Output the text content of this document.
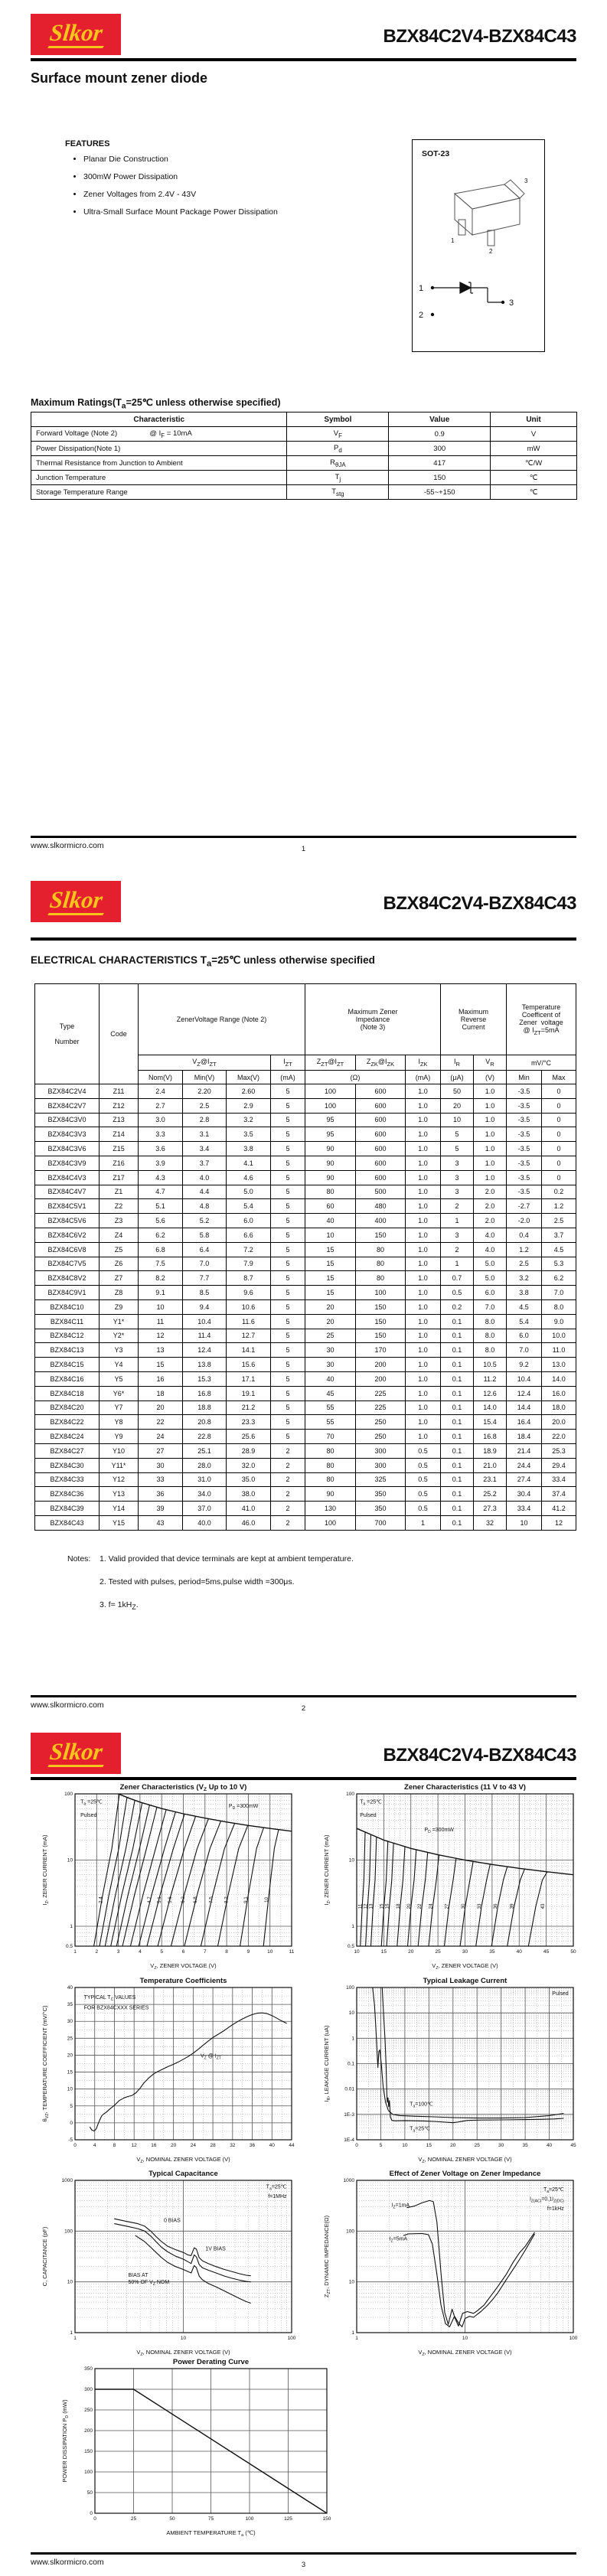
Slkor	BZX84C2V4-BZX84C43
Surface mount zener diode
FEATURES
• Planar Die Construction
• 300mW Power Dissipation
• Zener Voltages from 2.4V - 43V
• Ultra-Small Surface Mount Package Power Dissipation
SOT-23
1
2
3
1
2
3
Maximum $Ratings(T_a=25℃$ unless otherwise specified)
Characteristic	Symbol	Value	Unit
Forward Voltage (Note 2)                @ $I_F = 10mA$	$V_F$	0.9	V
Power Dissipation(Note 1)	$P_d$	300	mW
Thermal Resistance from Junction to Ambient	$R_{\theta JA}$	417	℃/W
Junction Temperature	$T_j$	150	℃
Storage Temperature Range	$T_{stg}$	-55~+150	℃
www.slkormicro.com	1
Slkor	BZX84C2V4-BZX84C43
ELECTRICAL CHARACTERISTICS $T_a=25℃$ unless otherwise specified
Type

Number	Code	ZenerVoltage Range (Note 2)				Maximum Zener
Impedance
(Note 3)			Maximum
Reverse
Current		Temperature
Coefficent of
Zener  voltage
@ $I_{ZT}=5mA$	
		$V_Z@I_{ZT}$			$I_{ZT}$	$Z_{ZT}@I_{ZT}$	$Z_{ZK}@I_{ZK}$	$I_{ZK}$	$I_R$	$V_R$	mV/°C	
		Nom(V)	Min(V)	Max(V)	(mA)	(Ω)		(mA)	(μA)	(V)	Min	Max
BZX84C2V4	Z11	2.4	2.20	2.60	5	100	600	1.0	50	1.0	-3.5	0
BZX84C2V7	Z12	2.7	2.5	2.9	5	100	600	1.0	20	1.0	-3.5	0
BZX84C3V0	Z13	3.0	2.8	3.2	5	95	600	1.0	10	1.0	-3.5	0
BZX84C3V3	Z14	3.3	3.1	3.5	5	95	600	1.0	5	1.0	-3.5	0
BZX84C3V6	Z15	3.6	3.4	3.8	5	90	600	1.0	5	1.0	-3.5	0
BZX84C3V9	Z16	3.9	3.7	4.1	5	90	600	1.0	3	1.0	-3.5	0
BZX84C4V3	Z17	4.3	4.0	4.6	5	90	600	1.0	3	1.0	-3.5	0
BZX84C4V7	Z1	4.7	4.4	5.0	5	80	500	1.0	3	2.0	-3.5	0.2
BZX84C5V1	Z2	5.1	4.8	5.4	5	60	480	1.0	2	2.0	-2.7	1.2
BZX84C5V6	Z3	5.6	5.2	6.0	5	40	400	1.0	1	2.0	-2.0	2.5
BZX84C6V2	Z4	6.2	5.8	6.6	5	10	150	1.0	3	4.0	0.4	3.7
BZX84C6V8	Z5	6.8	6.4	7.2	5	15	80	1.0	2	4.0	1.2	4.5
BZX84C7V5	Z6	7.5	7.0	7.9	5	15	80	1.0	1	5.0	2.5	5.3
BZX84C8V2	Z7	8.2	7.7	8.7	5	15	80	1.0	0.7	5.0	3.2	6.2
BZX84C9V1	Z8	9.1	8.5	9.6	5	15	100	1.0	0.5	6.0	3.8	7.0
BZX84C10	Z9	10	9.4	10.6	5	20	150	1.0	0.2	7.0	4.5	8.0
BZX84C11	Y1*	11	10.4	11.6	5	20	150	1.0	0.1	8.0	5.4	9.0
BZX84C12	Y2*	12	11.4	12.7	5	25	150	1.0	0.1	8.0	6.0	10.0
BZX84C13	Y3	13	12.4	14.1	5	30	170	1.0	0.1	8.0	7.0	11.0
BZX84C15	Y4	15	13.8	15.6	5	30	200	1.0	0.1	10.5	9.2	13.0
BZX84C16	Y5	16	15.3	17.1	5	40	200	1.0	0.1	11.2	10.4	14.0
BZX84C18	Y6*	18	16.8	19.1	5	45	225	1.0	0.1	12.6	12.4	16.0
BZX84C20	Y7	20	18.8	21.2	5	55	225	1.0	0.1	14.0	14.4	18.0
BZX84C22	Y8	22	20.8	23.3	5	55	250	1.0	0.1	15.4	16.4	20.0
BZX84C24	Y9	24	22.8	25.6	5	70	250	1.0	0.1	16.8	18.4	22.0
BZX84C27	Y10	27	25.1	28.9	2	80	300	0.5	0.1	18.9	21.4	25.3
BZX84C30	Y11*	30	28.0	32.0	2	80	300	0.5	0.1	21.0	24.4	29.4
BZX84C33	Y12	33	31.0	35.0	2	80	325	0.5	0.1	23.1	27.4	33.4
BZX84C36	Y13	36	34.0	38.0	2	90	350	0.5	0.1	25.2	30.4	37.4
BZX84C39	Y14	39	37.0	41.0	2	130	350	0.5	0.1	27.3	33.4	41.2
BZX84C43	Y15	43	40.0	46.0	2	100	700	1	0.1	32	10	12
Notes: 1. Valid provided that device terminals are kept at ambient temperature.
2. Tested with pulses, period=5ms,pulse width =300μs.
3. $f= 1kH_Z$.
www.slkormicro.com	2
Slkor	BZX84C2V4-BZX84C43
Zener Characteristics ($V_Z$ Up to 10 V)
1	2	3	4	5	6	7	8	9	10	11
0.5
1
10
100
2.4	4.7 5.1 5.6 6.2 6.8 7.5 8.2	9.1	10
$T_a$ =25℃
Pulsed
$P_D =300mW$
$V_Z$, ZENER VOLTAGE (V)
$I_Z$, ZENER CURRENT (mA)
Zener Characteristics (11 V to 43 V)
10	15	20	25	30	35	40	45	50
0.5
1
10
100
11 12 13 15 16 18 20 22 24 27 30 33 36 39	43
$T_a$ =25℃
Pulsed
$P_D =300mW$
$V_Z$, ZENER VOLTAGE (V)
$I_Z$, ZENER CURRENT (mA)
Temperature Coefficients
0	4	8	12	16	20	24	28	32	36	40	44
-5
0
5
10
15
20
25
30
35
40
TYPICAL $T_C$ VALUES
FOR BZX84CXXX SERIES
$V_Z$ @ $I_{ZT}$
$V_Z$, NOMINAL ZENER VOLTAGE (V)
$\theta_{VZ}$, TEMPERATURE COEFFICIENT (mV/°C)
Typical Leakage Current
0	5	10	15	20	25	30	35	40	45
1E-4
1E-3
0.01
0.1
1
10
100
Pulsed
$T_a=100℃$
$T_a=25℃$
$V_Z$, NOMINAL ZENER VOLTAGE (V)
$I_R$, LEAKAGE CURRENT (uA)
Typical Capacitance
1	10	100
1
10
100
1000
$T_a=25℃$
f=1MHz
0 BIAS
1V BIAS
BIAS AT
50% OF $V_Z$ NOM
$V_Z$, NOMINAL ZENER VOLTAGE (V)
C, CAPACITANCE (pF)
Effect of Zener Voltage on Zener Impedance
1	10	100
1
10
100
1000
$T_a=25℃$
$I_{Z(AC)}=0.1I_{Z(DC)}$
f=1kHz
$I_Z=1mA$
$I_Z=5mA$
$V_Z$, NOMINAL ZENER VOLTAGE (V)
$Z_{ZT}$, DYNAMIC IMPEDANCE(Ω)
Power Derating Curve
0	25	50	75	100	125	150
0
50
100
150
200
250
300
350
AMBIENT TEMPERATURE $T_a$ (℃)
POWER DISSIPATION $P_D$ (mW)
www.slkormicro.com	3
